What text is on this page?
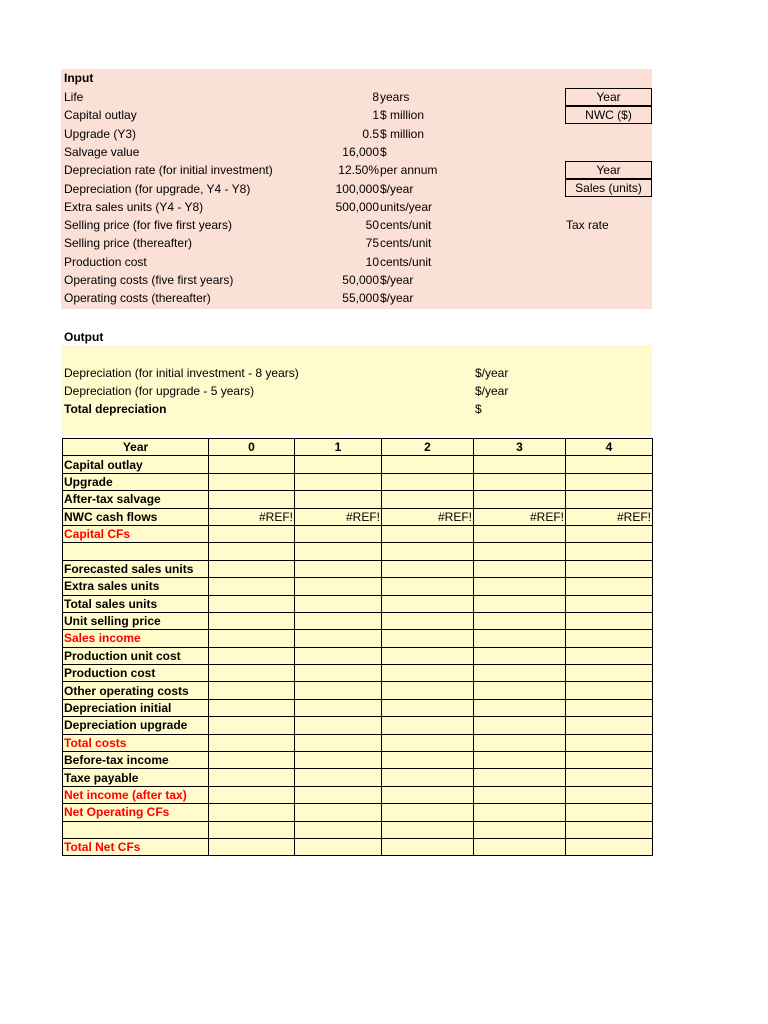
Input
Life	8 years
Capital outlay	1 $ million
Upgrade (Y3)	0.5 $ million
Salvage value	16,000 $
Depreciation rate (for initial investment)	12.50% per annum
Depreciation (for upgrade, Y4 - Y8)	100,000 $/year
Extra sales units (Y4 - Y8)	500,000 units/year
Selling price (for five first years)	50 cents/unit
Selling price (thereafter)	75 cents/unit
Production cost	10 cents/unit
Operating costs (five first years)	50,000 $/year
Operating costs (thereafter)	55,000 $/year
Year
NWC ($)
Year
Sales (units)
Tax rate
Output
Depreciation (for initial investment - 8 years)	$/year
Depreciation (for upgrade - 5 years)	$/year
Total depreciation	$
Year	0	1	2	3	4
Capital outlay					
Upgrade					
After-tax salvage					
NWC cash flows	#REF!	#REF!	#REF!	#REF!	#REF!
Capital CFs					

Forecasted sales units					
Extra sales units					
Total sales units					
Unit selling price					
Sales income					
Production unit cost					
Production cost					
Other operating costs					
Depreciation initial					
Depreciation upgrade					
Total costs					
Before-tax income					
Taxe payable					
Net income (after tax)					
Net Operating CFs					

Total Net CFs					
